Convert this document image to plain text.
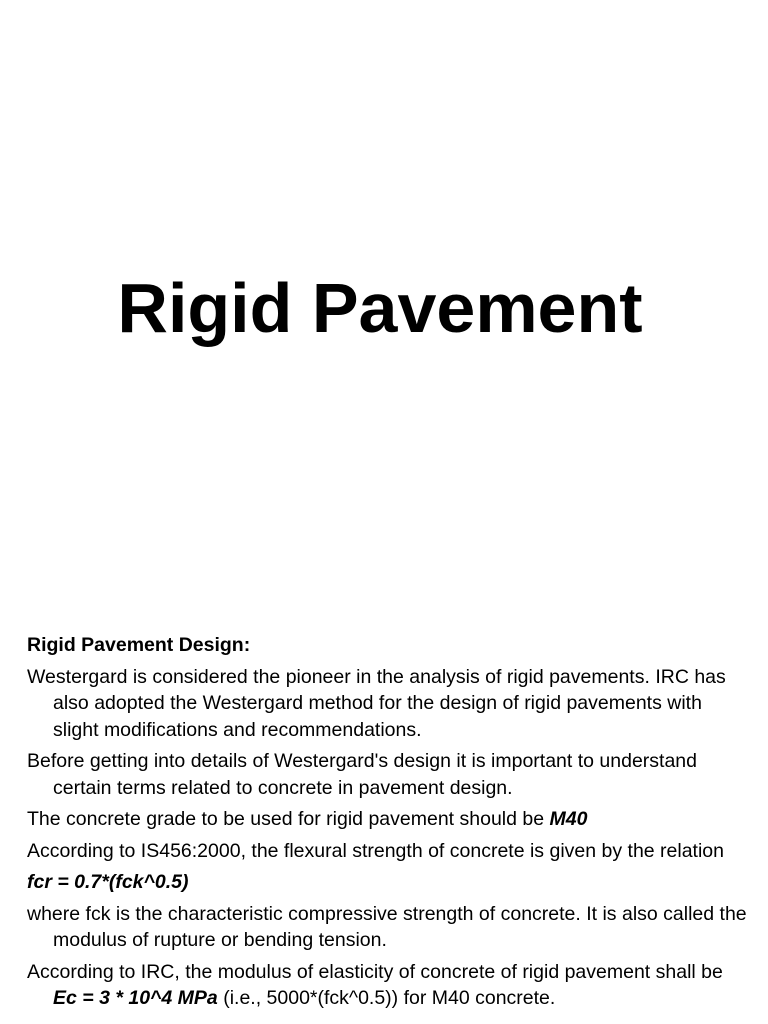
Rigid Pavement
Rigid Pavement Design:
Westergard is considered the pioneer in the analysis of rigid pavements. IRC has also adopted the Westergard method for the design of rigid pavements with slight modifications and recommendations.
Before getting into details of Westergard's design it is important to understand certain terms related to concrete in pavement design.
The concrete grade to be used for rigid pavement should be M40
According to IS456:2000, the flexural strength of concrete is given by the relation
fcr = 0.7*(fck^0.5)
where fck is the characteristic compressive strength of concrete. It is also called the modulus of rupture or bending tension.
According to IRC, the modulus of elasticity of concrete of rigid pavement shall be Ec = 3 * 10^4 MPa (i.e., 5000*(fck^0.5)) for M40 concrete.
